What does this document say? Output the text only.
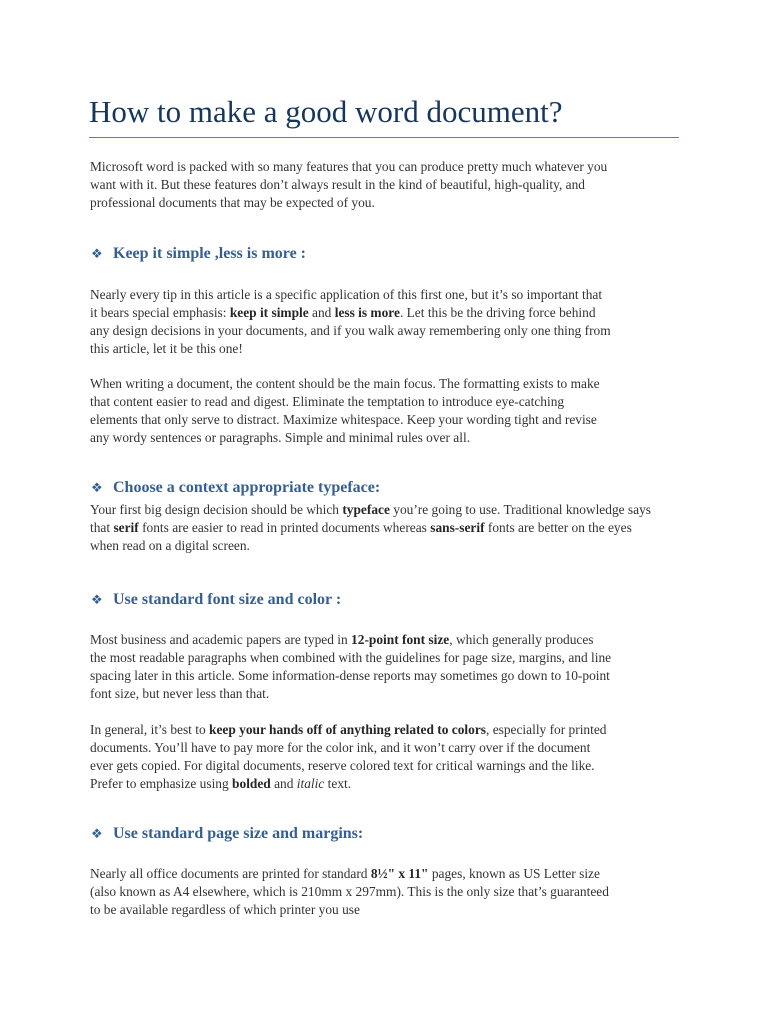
How to make a good word document?

Microsoft word is packed with so many features that you can produce pretty much whatever you
want with it. But these features don’t always result in the kind of beautiful, high-quality, and
professional documents that may be expected of you.

❖ Keep it simple ,less is more :

Nearly every tip in this article is a specific application of this first one, but it’s so important that
it bears special emphasis: keep it simple and less is more. Let this be the driving force behind
any design decisions in your documents, and if you walk away remembering only one thing from
this article, let it be this one!

When writing a document, the content should be the main focus. The formatting exists to make
that content easier to read and digest. Eliminate the temptation to introduce eye-catching
elements that only serve to distract. Maximize whitespace. Keep your wording tight and revise
any wordy sentences or paragraphs. Simple and minimal rules over all.

❖ Choose a context appropriate typeface:

Your first big design decision should be which typeface you’re going to use. Traditional knowledge says
that serif fonts are easier to read in printed documents whereas sans-serif fonts are better on the eyes
when read on a digital screen.

❖ Use standard font size and color :

Most business and academic papers are typed in 12-point font size, which generally produces
the most readable paragraphs when combined with the guidelines for page size, margins, and line
spacing later in this article. Some information-dense reports may sometimes go down to 10-point
font size, but never less than that.

In general, it’s best to keep your hands off of anything related to colors, especially for printed
documents. You’ll have to pay more for the color ink, and it won’t carry over if the document
ever gets copied. For digital documents, reserve colored text for critical warnings and the like.
Prefer to emphasize using bolded and italic text.

❖ Use standard page size and margins:

Nearly all office documents are printed for standard 8½" x 11" pages, known as US Letter size
(also known as A4 elsewhere, which is 210mm x 297mm). This is the only size that’s guaranteed
to be available regardless of which printer you use
